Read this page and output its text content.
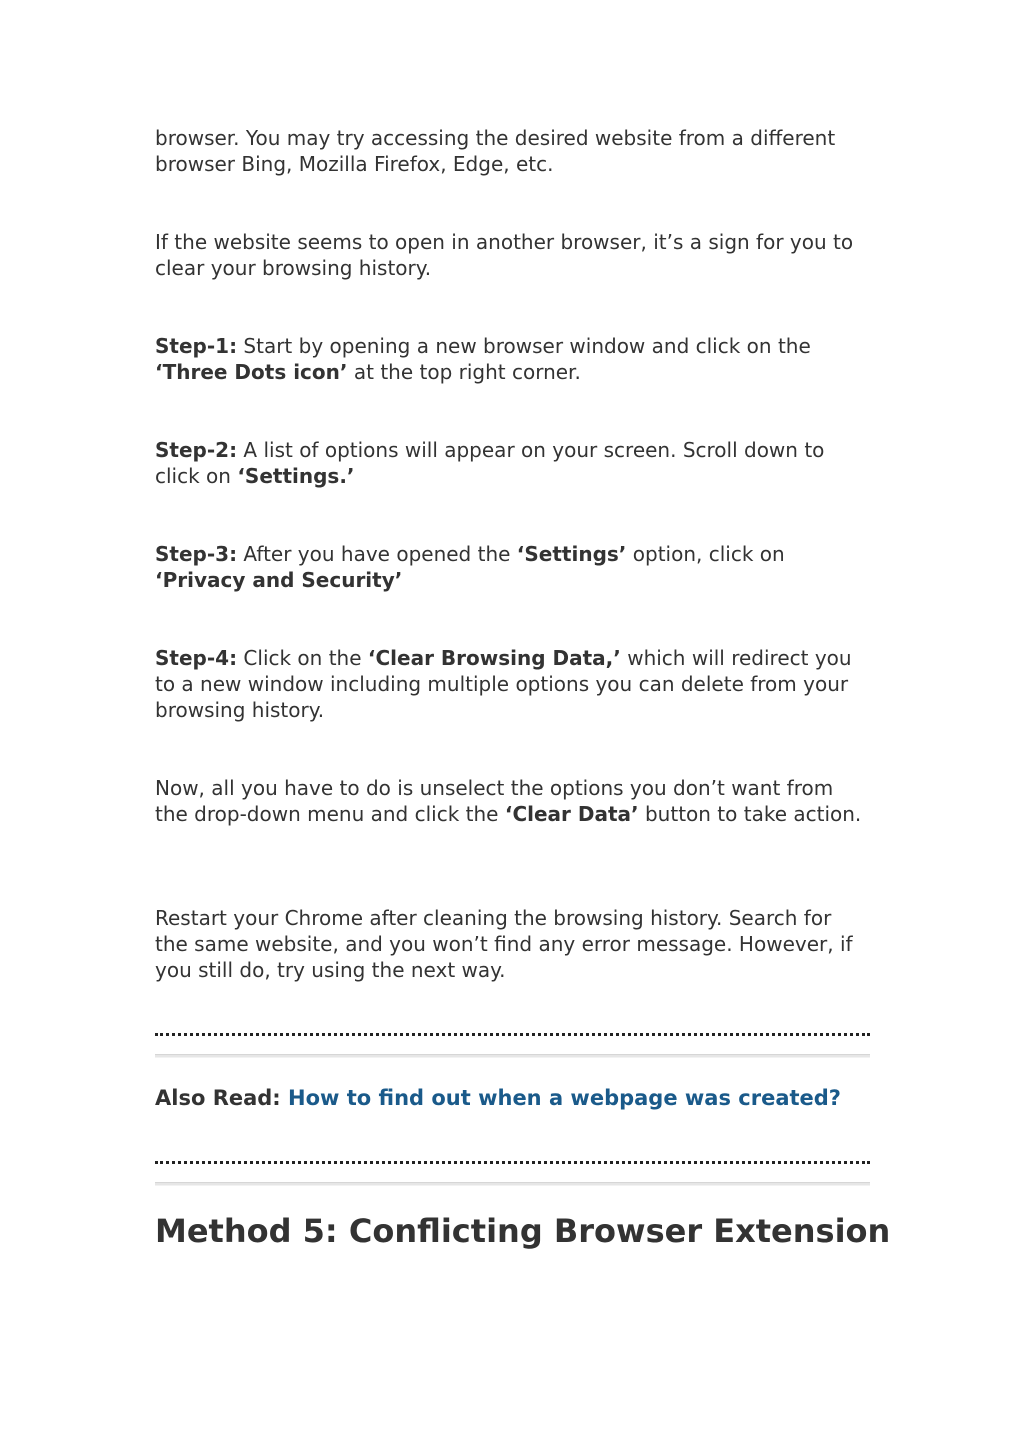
browser. You may try accessing the desired website from a different browser Bing, Mozilla Firefox, Edge, etc.

If the website seems to open in another browser, it’s a sign for you to clear your browsing history.

Step-1: Start by opening a new browser window and click on the ‘Three Dots icon’ at the top right corner.

Step-2: A list of options will appear on your screen. Scroll down to click on ‘Settings.’

Step-3: After you have opened the ‘Settings’ option, click on ‘Privacy and Security’

Step-4: Click on the ‘Clear Browsing Data,’ which will redirect you to a new window including multiple options you can delete from your browsing history.

Now, all you have to do is unselect the options you don’t want from the drop-down menu and click the ‘Clear Data’ button to take action.

Restart your Chrome after cleaning the browsing history. Search for the same website, and you won’t find any error message. However, if you still do, try using the next way.

Also Read: How to find out when a webpage was created?
Method 5: Conflicting Browser Extension
